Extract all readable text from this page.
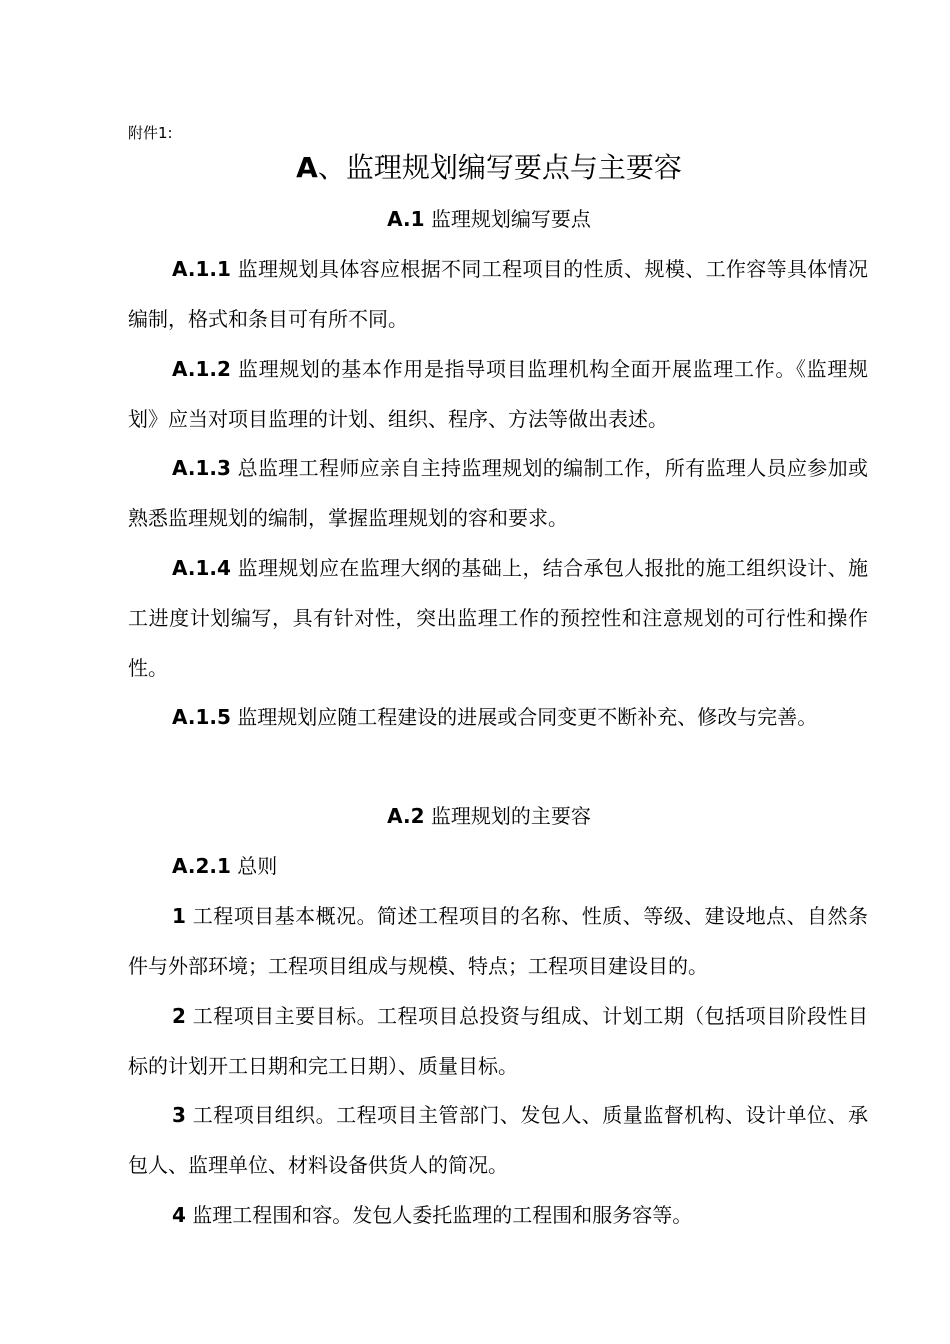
附件1:
A、监理规划编写要点与主要容
A.1 监理规划编写要点
A.1.1 监理规划具体容应根据不同工程项目的性质、规模、工作容等具体情况编制，格式和条目可有所不同。
A.1.2 监理规划的基本作用是指导项目监理机构全面开展监理工作。《监理规划》应当对项目监理的计划、组织、程序、方法等做出表述。
A.1.3 总监理工程师应亲自主持监理规划的编制工作，所有监理人员应参加或熟悉监理规划的编制，掌握监理规划的容和要求。
A.1.4 监理规划应在监理大纲的基础上，结合承包人报批的施工组织设计、施工进度计划编写，具有针对性，突出监理工作的预控性和注意规划的可行性和操作性。
A.1.5 监理规划应随工程建设的进展或合同变更不断补充、修改与完善。
A.2 监理规划的主要容
A.2.1 总则
1 工程项目基本概况。简述工程项目的名称、性质、等级、建设地点、自然条件与外部环境；工程项目组成与规模、特点；工程项目建设目的。
2 工程项目主要目标。工程项目总投资与组成、计划工期（包括项目阶段性目标的计划开工日期和完工日期）、质量目标。
3 工程项目组织。工程项目主管部门、发包人、质量监督机构、设计单位、承包人、监理单位、材料设备供货人的简况。
4 监理工程围和容。发包人委托监理的工程围和服务容等。
